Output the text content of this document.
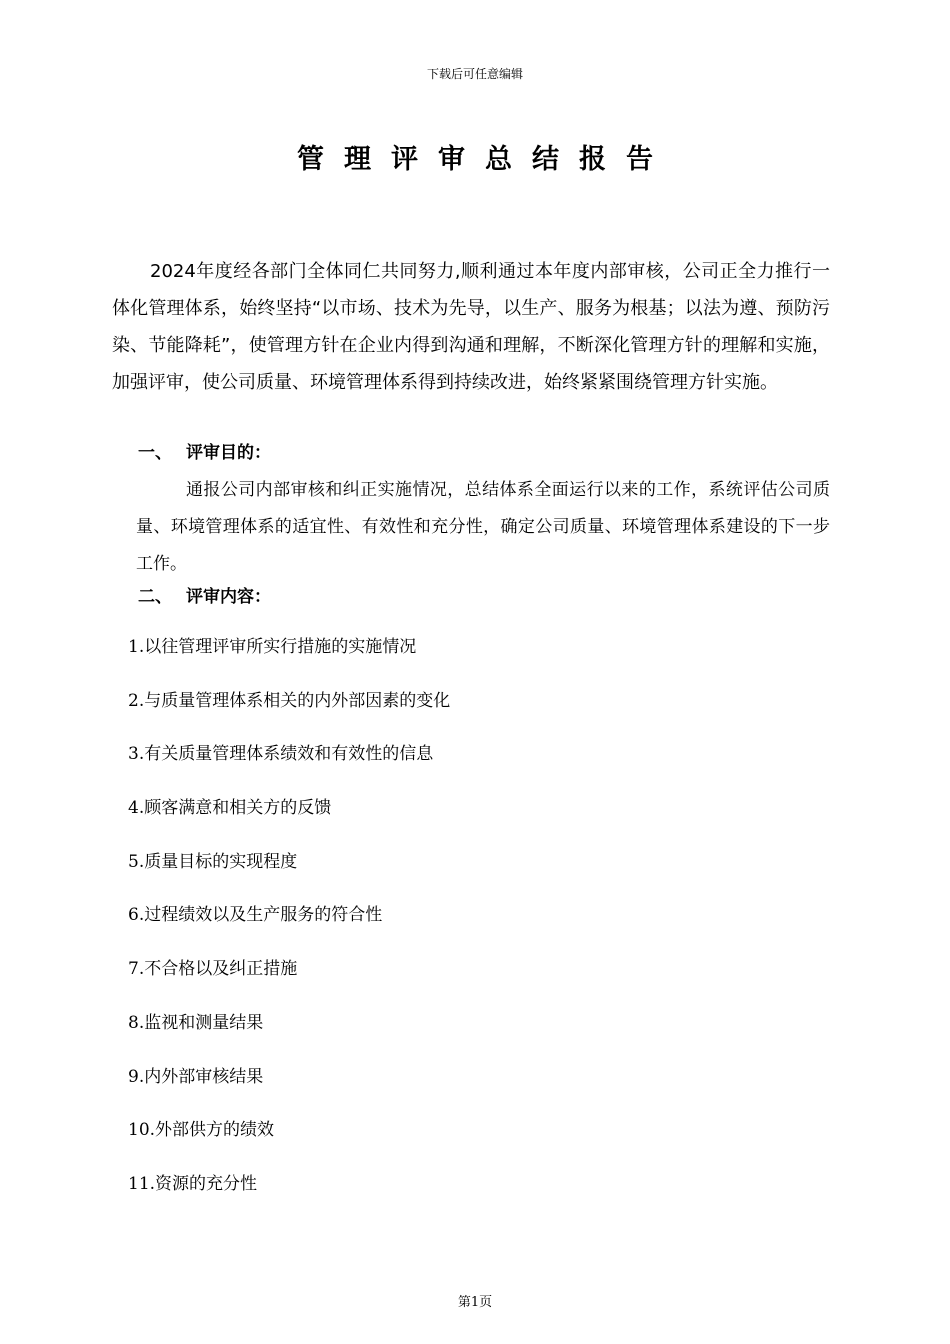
下载后可任意编辑
管理评审总结报告

2024年度经各部门全体同仁共同努力,顺利通过本年度内部审核，公司正全力推行一体化管理体系，始终坚持“以市场、技术为先导，以生产、服务为根基；以法为遵、预防污染、节能降耗”，使管理方针在企业内得到沟通和理解，不断深化管理方针的理解和实施，加强评审，使公司质量、环境管理体系得到持续改进，始终紧紧围绕管理方针实施。

一、 评审目的：

通报公司内部审核和纠正实施情况，总结体系全面运行以来的工作，系统评估公司质量、环境管理体系的适宜性、有效性和充分性，确定公司质量、环境管理体系建设的下一步工作。

二、 评审内容：
1.以往管理评审所实行措施的实施情况
2.与质量管理体系相关的内外部因素的变化
3.有关质量管理体系绩效和有效性的信息
4.顾客满意和相关方的反馈
5.质量目标的实现程度
6.过程绩效以及生产服务的符合性
7.不合格以及纠正措施
8.监视和测量结果
9.内外部审核结果
10.外部供方的绩效
11.资源的充分性
第1页
